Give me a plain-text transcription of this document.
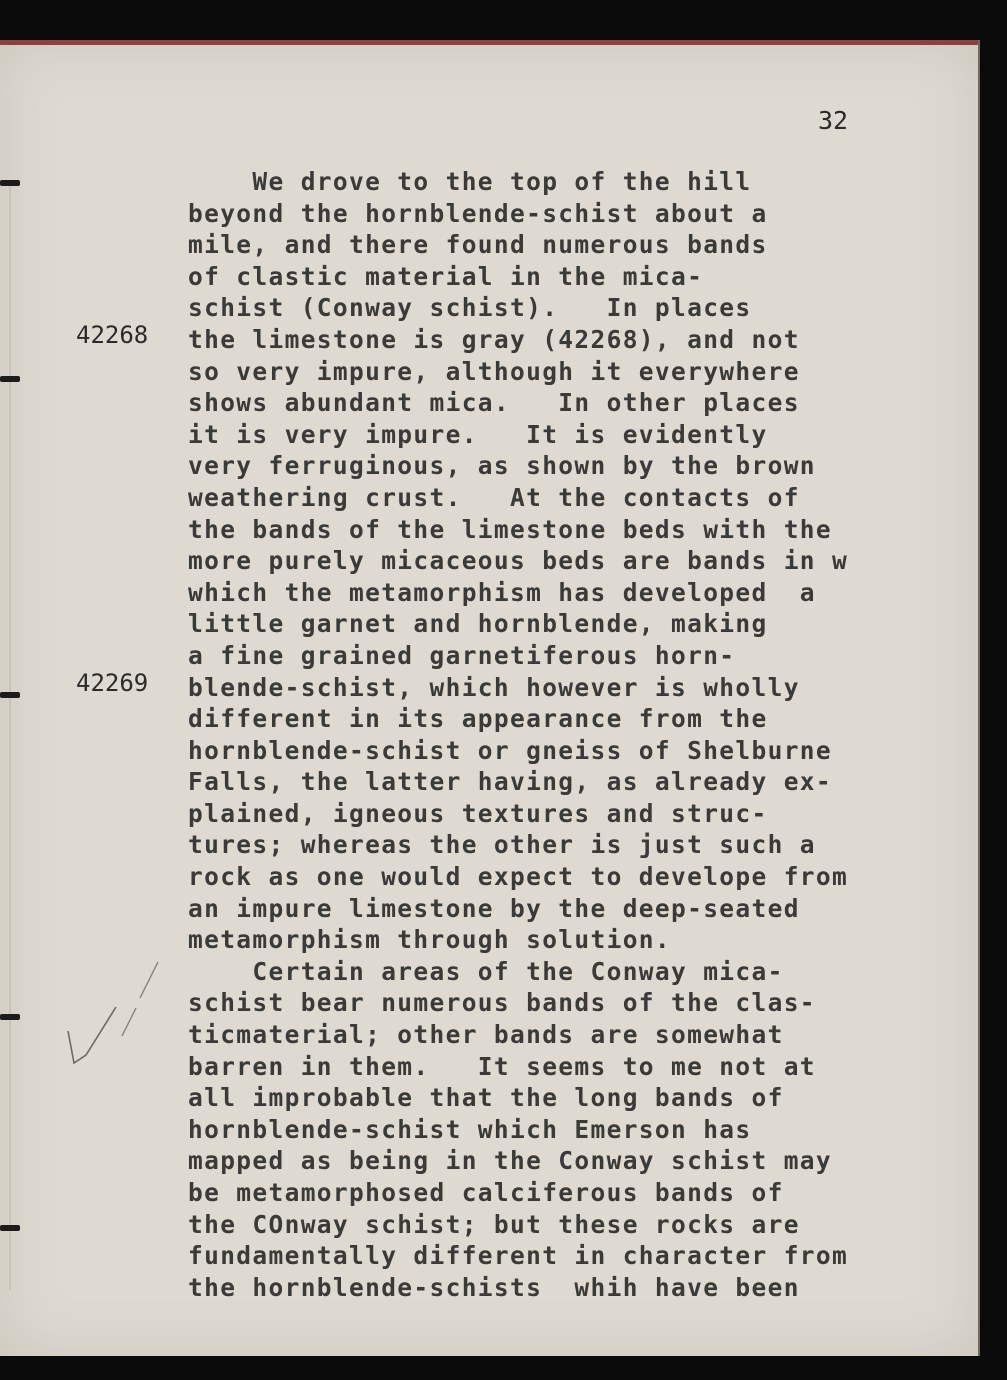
32
42268
42269
We drove to the top of the hill
beyond the hornblende-schist about a
mile, and there found numerous bands
of clastic material in the mica-
schist (Conway schist).   In places
the limestone is gray (42268), and not
so very impure, although it everywhere
shows abundant mica.   In other places
it is very impure.   It is evidently
very ferruginous, as shown by the brown
weathering crust.   At the contacts of
the bands of the limestone beds with the
more purely micaceous beds are bands in w
which the metamorphism has developed  a
little garnet and hornblende, making
a fine grained garnetiferous horn-
blende-schist, which however is wholly
different in its appearance from the
hornblende-schist or gneiss of Shelburne
Falls, the latter having, as already ex-
plained, igneous textures and struc-
tures; whereas the other is just such a
rock as one would expect to develope from
an impure limestone by the deep-seated
metamorphism through solution.
Certain areas of the Conway mica-
schist bear numerous bands of the clas-
ticmaterial; other bands are somewhat
barren in them.   It seems to me not at
all improbable that the long bands of
hornblende-schist which Emerson has
mapped as being in the Conway schist may
be metamorphosed calciferous bands of
the COnway schist; but these rocks are
fundamentally different in character from
the hornblende-schists  whih have been
